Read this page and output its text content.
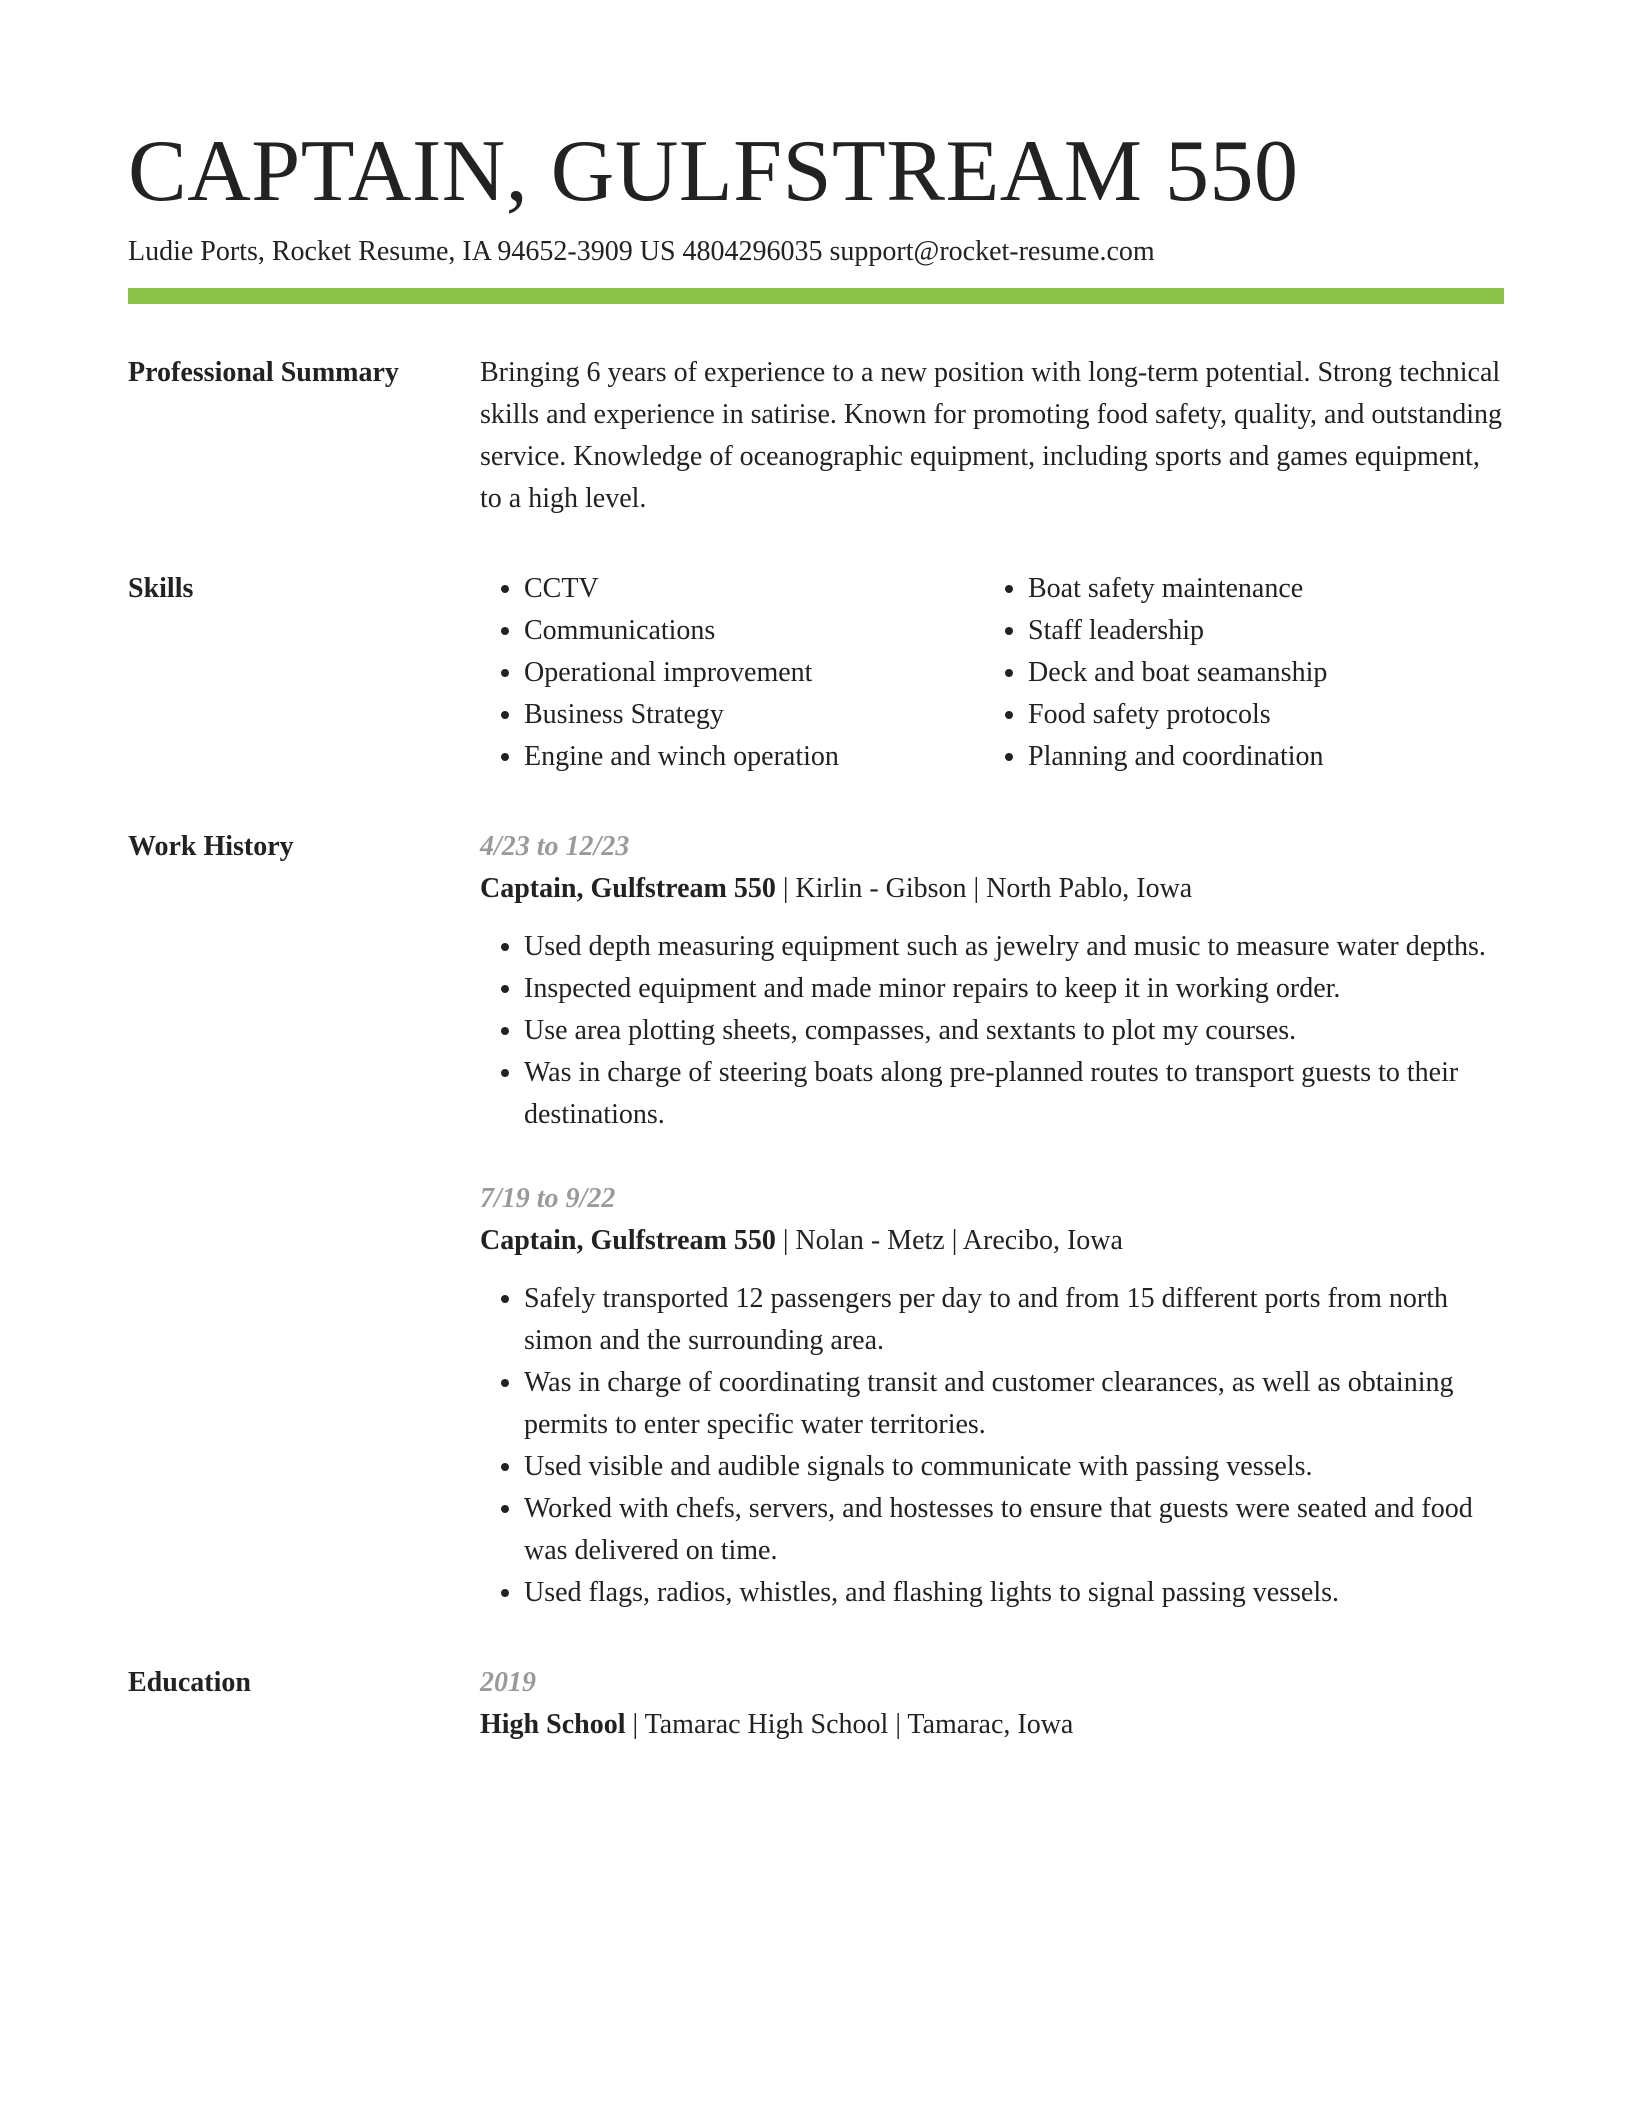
CAPTAIN, GULFSTREAM 550
Ludie Ports, Rocket Resume, IA 94652-3909 US 4804296035 support@rocket-resume.com
Professional Summary	Bringing 6 years of experience to a new position with long-term potential. Strong technical skills and experience in satirise. Known for promoting food safety, quality, and outstanding service. Knowledge of oceanographic equipment, including sports and games equipment, to a high level.

Skills
•	CCTV
• Communications
• Operational improvement
• Business Strategy
• Engine and winch operation
• Boat safety maintenance
• Staff leadership
• Deck and boat seamanship
• Food safety protocols
• Planning and coordination
Work History	4/23 to 12/23
Captain, Gulfstream 550 | Kirlin - Gibson | North Pablo, Iowa
• Used depth measuring equipment such as jewelry and music to measure water depths.
• Inspected equipment and made minor repairs to keep it in working order.
• Use area plotting sheets, compasses, and sextants to plot my courses.
• Was in charge of steering boats along pre-planned routes to transport guests to their destinations.
7/19 to 9/22
Captain, Gulfstream 550 | Nolan - Metz | Arecibo, Iowa
• Safely transported 12 passengers per day to and from 15 different ports from north simon and the surrounding area.
• Was in charge of coordinating transit and customer clearances, as well as obtaining permits to enter specific water territories.
• Used visible and audible signals to communicate with passing vessels.
• Worked with chefs, servers, and hostesses to ensure that guests were seated and food was delivered on time.
• Used flags, radios, whistles, and flashing lights to signal passing vessels.
Education	2019
High School | Tamarac High School | Tamarac, Iowa
